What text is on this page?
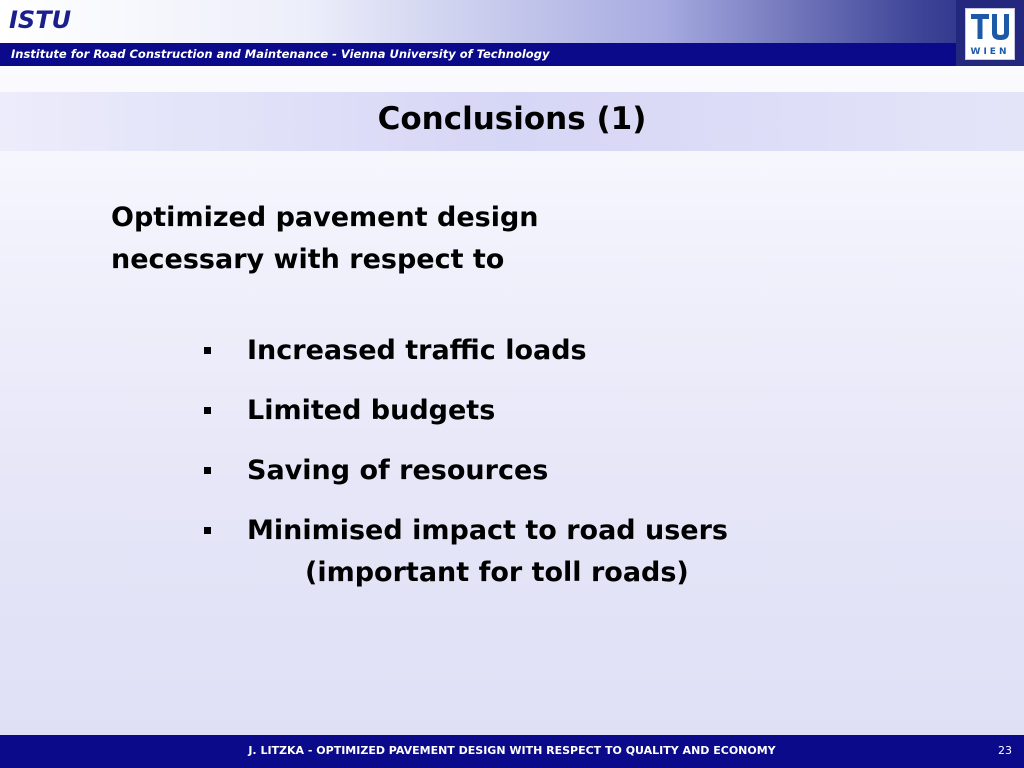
ISTU
Institute for Road Construction and Maintenance - Vienna University of Technology	WIEN
Conclusions (1)
Optimized pavement design
necessary with respect to
Increased traffic loads
Limited budgets
Saving of resources
Minimised impact to road users
(important for toll roads)
J. LITZKA - OPTIMIZED PAVEMENT DESIGN WITH RESPECT TO QUALITY AND ECONOMY	23
